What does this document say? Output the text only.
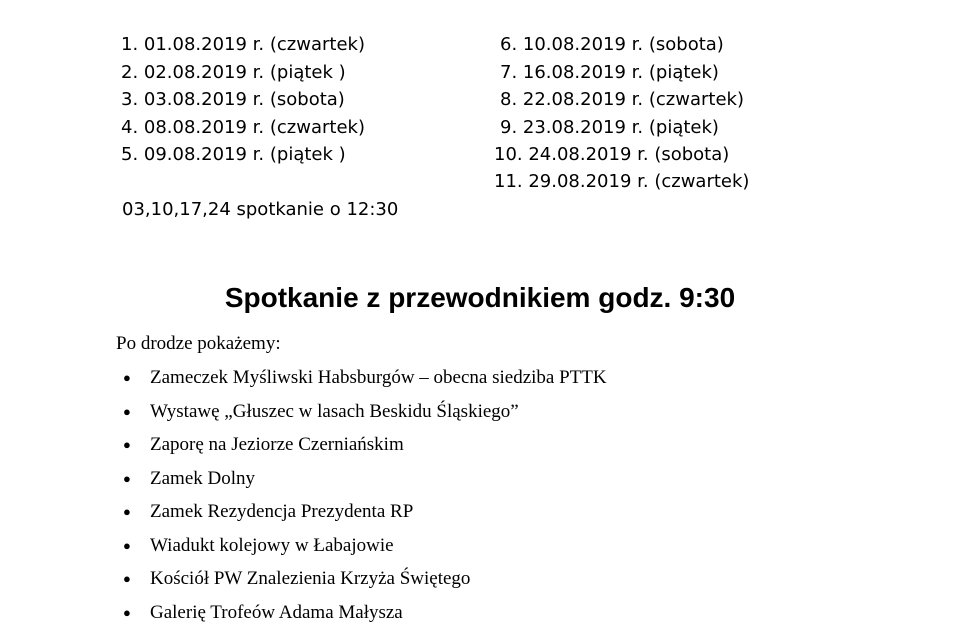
1. 01.08.2019 r. (czwartek)
2. 02.08.2019 r. (piątek )
3. 03.08.2019 r. (sobota)
4. 08.08.2019 r. (czwartek)
5. 09.08.2019 r. (piątek )
6. 10.08.2019 r. (sobota)
7. 16.08.2019 r. (piątek)
8. 22.08.2019 r. (czwartek)
9. 23.08.2019 r. (piątek)
10. 24.08.2019 r. (sobota)
11. 29.08.2019 r. (czwartek)
03,10,17,24 spotkanie o 12:30
Spotkanie z przewodnikiem godz. 9:30
Po drodze pokażemy:
● Zameczek Myśliwski Habsburgów – obecna siedziba PTTK
● Wystawę „Głuszec w lasach Beskidu Śląskiego”
● Zaporę na Jeziorze Czerniańskim
● Zamek Dolny
● Zamek Rezydencja Prezydenta RP
● Wiadukt kolejowy w Łabajowie
● Kościół PW Znalezienia Krzyża Świętego
● Galerię Trofeów Adama Małysza
